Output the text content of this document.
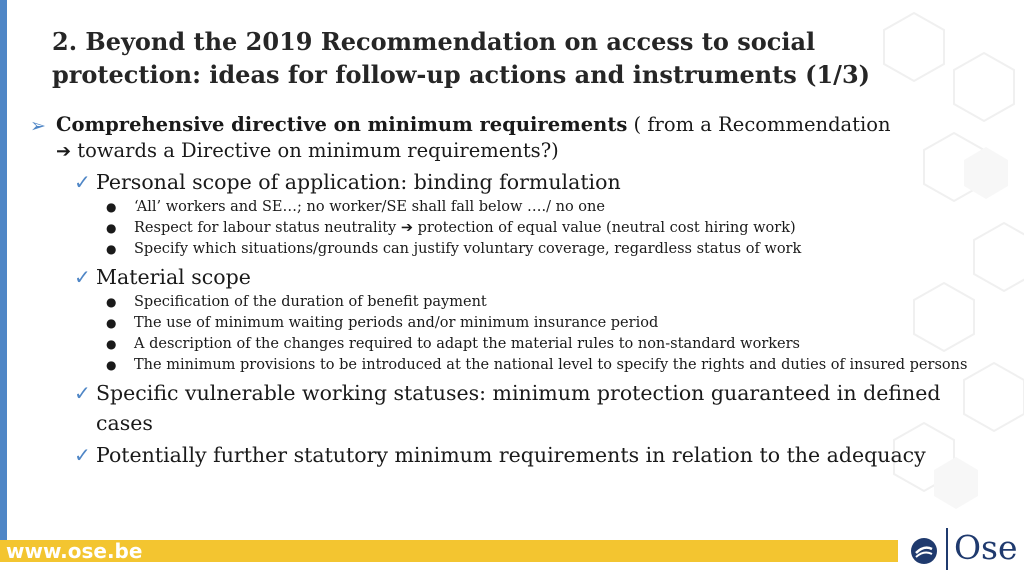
2. Beyond the 2019 Recommendation on access to social protection: ideas for follow-up actions and instruments (1/3)
➢ Comprehensive directive on minimum requirements ( from a Recommendation
➔ towards a Directive on minimum requirements?)
✓ Personal scope of application: binding formulation
● ‘All’ workers and SE…; no worker/SE shall fall below …./ no one
● Respect for labour status neutrality ➔ protection of equal value (neutral cost hiring work)
● Specify which situations/grounds can justify voluntary coverage, regardless status of work
✓ Material scope
● Specification of the duration of benefit payment
● The use of minimum waiting periods and/or minimum insurance period
● A description of the changes required to adapt the material rules to non-standard workers
● The minimum provisions to be introduced at the national level to specify the rights and duties of insured persons
✓ Specific vulnerable working statuses: minimum protection guaranteed in defined cases
✓ Potentially further statutory minimum requirements in relation to the adequacy
www.ose.be	Ose
